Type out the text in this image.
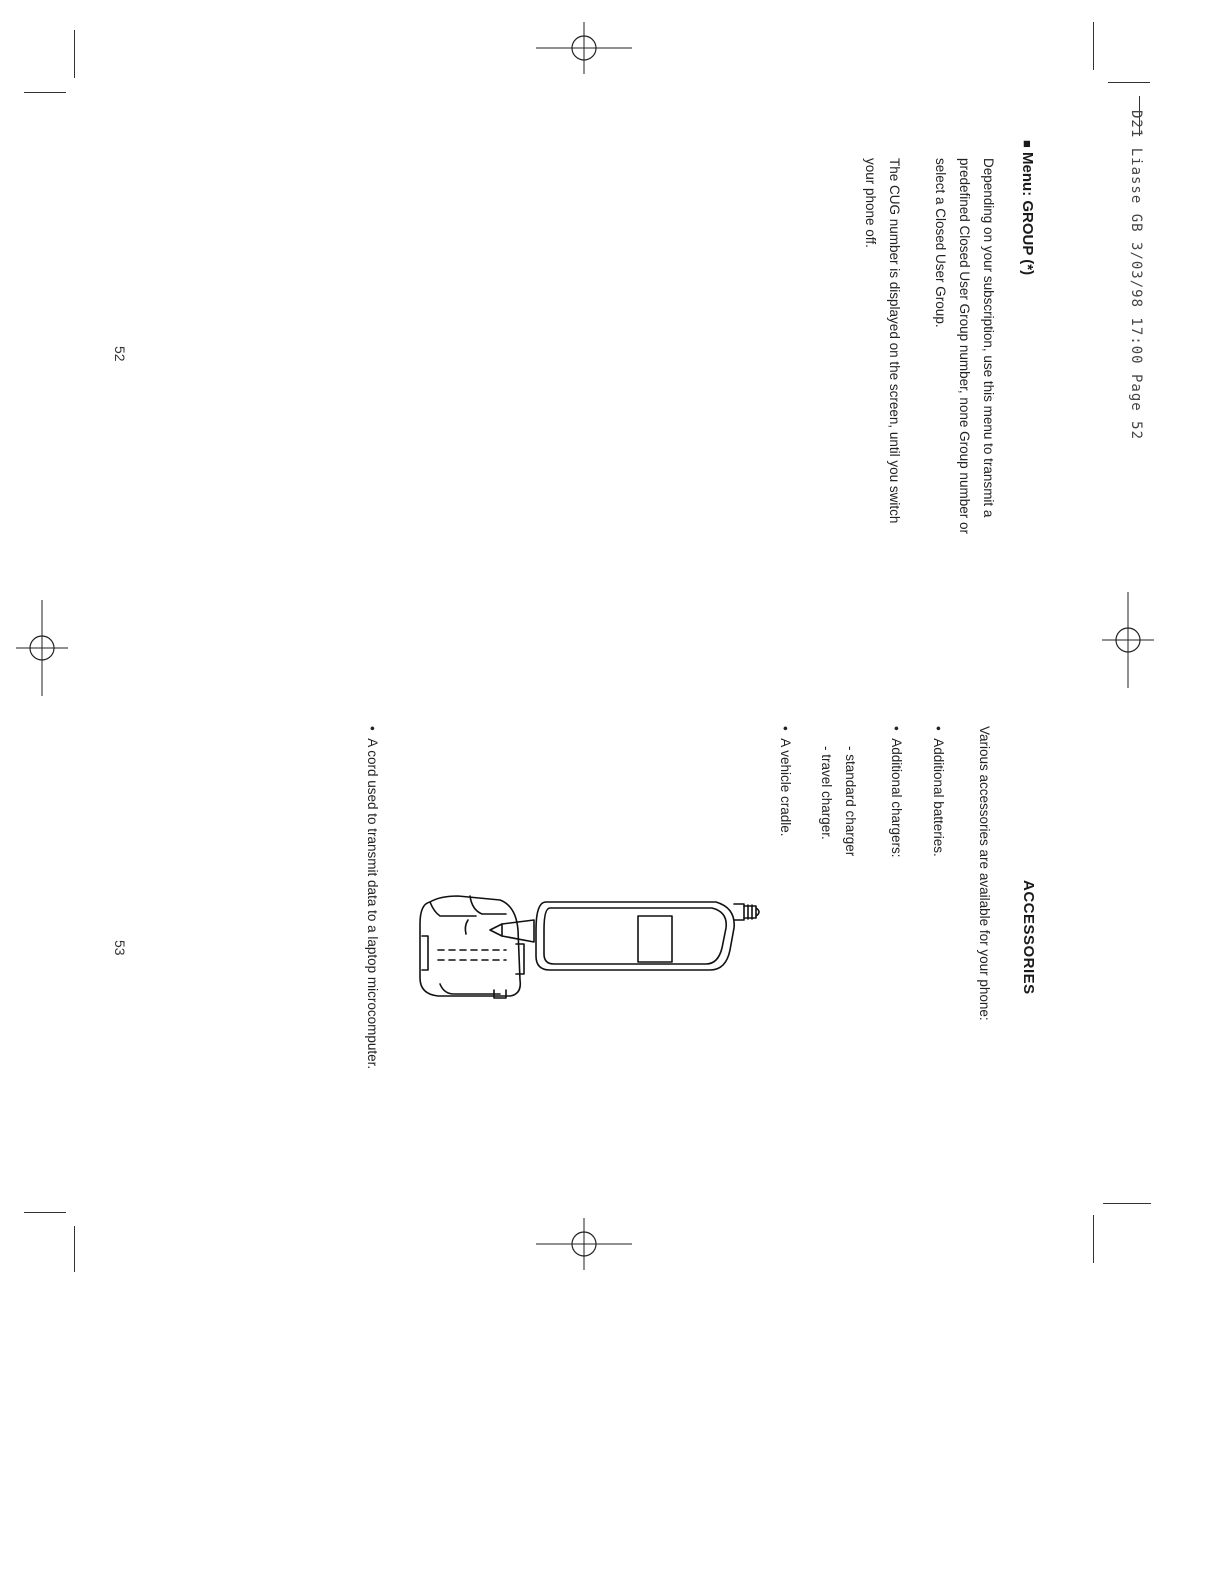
D21 Liasse GB 3/03/98 17:00 Page 52
■ Menu: GROUP (*)
Depending on your subscription, use this menu to transmit a
predefined Closed User Group number, none Group number or
select a Closed User Group.
The CUG number is displayed on the screen, until you switch
your phone off.
52
ACCESSORIES
Various accessories are available for your phone:
•  Additional batteries.
•  Additional chargers:
- standard charger
- travel charger.
•  A vehicle cradle.
•  A cord used to transmit data to a laptop microcomputer.
53
